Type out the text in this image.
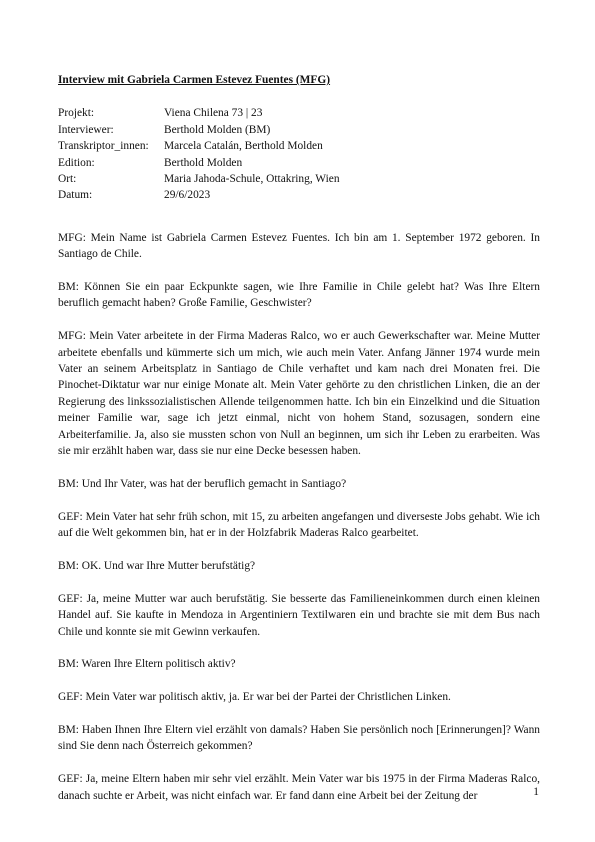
Interview mit Gabriela Carmen Estevez Fuentes (MFG)
Projekt:	Viena Chilena 73 | 23
Interviewer:	Berthold Molden (BM)
Transkriptor_innen:	Marcela Catalán, Berthold Molden
Edition:	Berthold Molden
Ort:	Maria Jahoda-Schule, Ottakring, Wien
Datum:	29/6/2023

MFG: Mein Name ist Gabriela Carmen Estevez Fuentes. Ich bin am 1. September 1972 geboren. In Santiago de Chile.

BM: Können Sie ein paar Eckpunkte sagen, wie Ihre Familie in Chile gelebt hat? Was Ihre Eltern beruflich gemacht haben? Große Familie, Geschwister?

MFG: Mein Vater arbeitete in der Firma Maderas Ralco, wo er auch Gewerkschafter war. Meine Mutter arbeitete ebenfalls und kümmerte sich um mich, wie auch mein Vater. Anfang Jänner 1974 wurde mein Vater an seinem Arbeitsplatz in Santiago de Chile verhaftet und kam nach drei Monaten frei. Die Pinochet-Diktatur war nur einige Monate alt. Mein Vater gehörte zu den christlichen Linken, die an der Regierung des linkssozialistischen Allende teilgenommen hatte. Ich bin ein Einzelkind und die Situation meiner Familie war, sage ich jetzt einmal, nicht von hohem Stand, sozusagen, sondern eine Arbeiterfamilie. Ja, also sie mussten schon von Null an beginnen, um sich ihr Leben zu erarbeiten. Was sie mir erzählt haben war, dass sie nur eine Decke besessen haben.

BM: Und Ihr Vater, was hat der beruflich gemacht in Santiago?

GEF: Mein Vater hat sehr früh schon, mit 15, zu arbeiten angefangen und diverseste Jobs gehabt. Wie ich auf die Welt gekommen bin, hat er in der Holzfabrik Maderas Ralco gearbeitet.

BM: OK. Und war Ihre Mutter berufstätig?

GEF: Ja, meine Mutter war auch berufstätig. Sie besserte das Familieneinkommen durch einen kleinen Handel auf. Sie kaufte in Mendoza in Argentiniern Textilwaren ein und brachte sie mit dem Bus nach Chile und konnte sie mit Gewinn verkaufen.

BM: Waren Ihre Eltern politisch aktiv?

GEF: Mein Vater war politisch aktiv, ja. Er war bei der Partei der Christlichen Linken.

BM: Haben Ihnen Ihre Eltern viel erzählt von damals? Haben Sie persönlich noch [Erinnerungen]? Wann sind Sie denn nach Österreich gekommen?

GEF: Ja, meine Eltern haben mir sehr viel erzählt. Mein Vater war bis 1975 in der Firma Maderas Ralco, danach suchte er Arbeit, was nicht einfach war. Er fand dann eine Arbeit bei der Zeitung der	1
